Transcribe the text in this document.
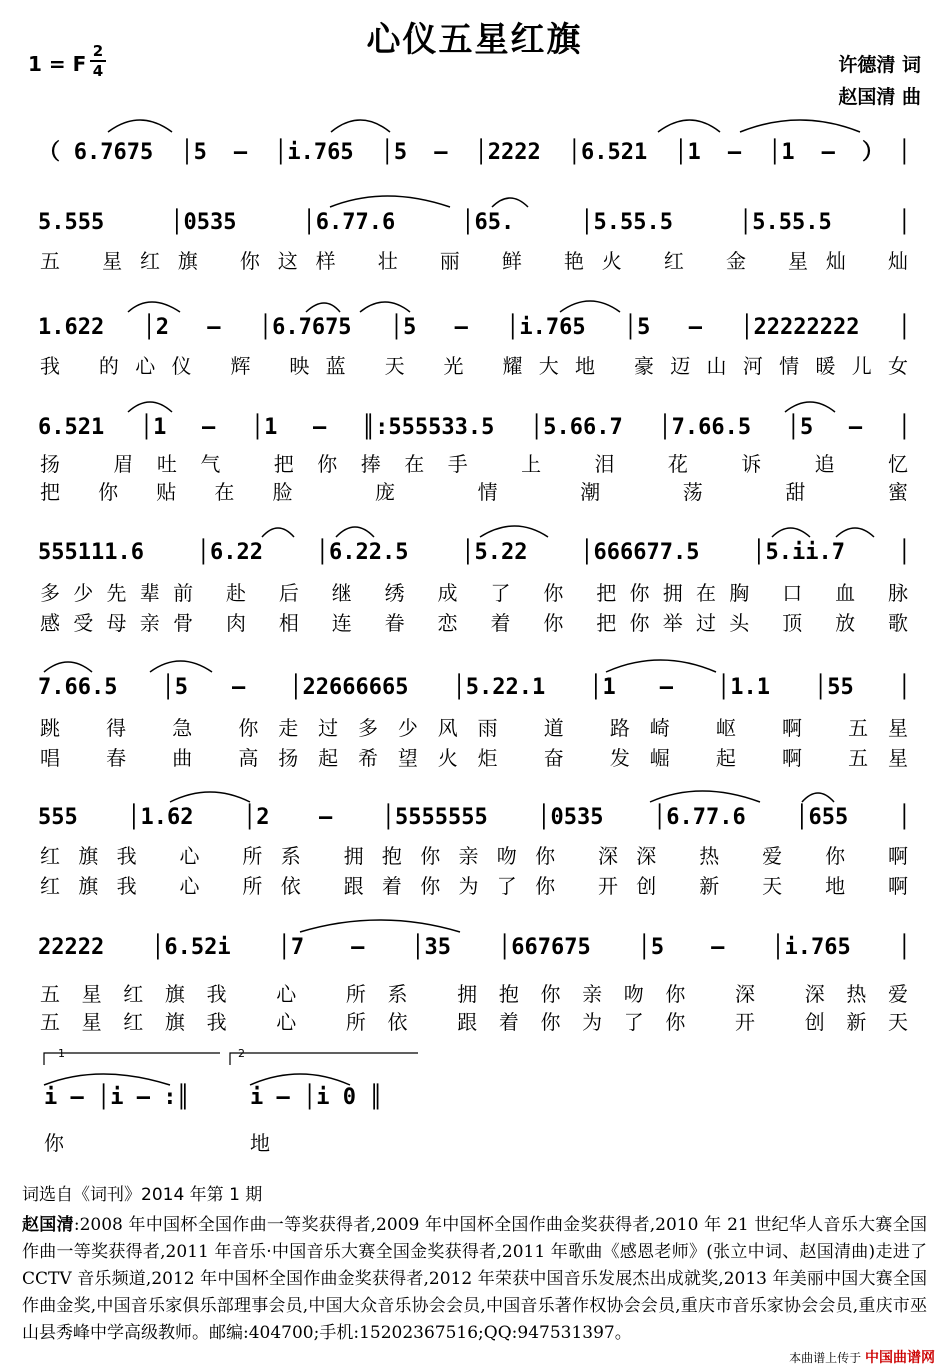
心仪五星红旗
1 = F
2
4	许德清 词
赵国清 曲
（6.7675 │5 – │i.765 │5 – │2222 │6.521 │1 – │1 – ）│
5.555 │0535 │6.77.6 │65. │5.55.5 │5.55.5 │
五 星红旗 你这样 壮 丽 鲜 艳火 红 金 星灿 灿
1.622 │2 – │6.7675 │5 – │i.765 │5 – │22222222 │
我 的心仪 辉 映蓝 天 光 耀大地 豪迈山河情暖儿女
6.521 │1 – │1 – ║:555533.5 │5.66.7 │7.66.5 │5 – │
扬 眉吐气 把你捧在手 上 泪 花 诉 追 忆
把你贴在脸 庞 情 潮 荡 甜 蜜
555111.6 │6.22 │6.22.5 │5.22 │666677.5 │5.ii.7 │
多少先辈前 赴 后 继 绣 成 了 你 把你拥在胸 口 血 脉
感受母亲骨 肉 相 连 眷 恋 着 你 把你举过头 顶 放 歌
7.66.5 │5 – │22666665 │5.22.1 │1 – │1.1 │55 │
跳 得 急 你走过多少风雨 道 路崎 岖 啊 五星
唱 春 曲 高扬起希望火炬 奋 发崛 起 啊 五星
555 │1.62 │2 – │5555555 │0535 │6.77.6 │655 │
红旗我 心 所系 拥抱你亲吻你 深深 热 爱 你 啊
红旗我 心 所依 跟着你为了你 开创 新 天 地 啊
22222 │6.52i │7 – │35 │667675 │5 – │i.765 │
五星红旗我 心 所系 拥抱你亲吻你 深 深热爱
五星红旗我 心 所依 跟着你为了你 开 创新天
1	2
i – │i – :║	i – │i 0 ║
你	地
词选自《词刊》2014 年第 1 期
赵国清:2008 年中国杯全国作曲一等奖获得者,2009 年中国杯全国作曲金奖获得者,2010 年 21 世纪华人音乐大赛全国作曲一等奖获得者,2011 年音乐·中国音乐大赛全国金奖获得者,2011 年歌曲《感恩老师》(张立中词、赵国清曲)走进了 CCTV 音乐频道,2012 年中国杯全国作曲金奖获得者,2012 年荣获中国音乐发展杰出成就奖,2013 年美丽中国大赛全国作曲金奖,中国音乐家俱乐部理事会员,中国大众音乐协会会员,中国音乐著作权协会会员,重庆市音乐家协会会员,重庆市巫山县秀峰中学高级教师。邮编:404700;手机:15202367516;QQ:947531397。
本曲谱上传于 中国曲谱网
